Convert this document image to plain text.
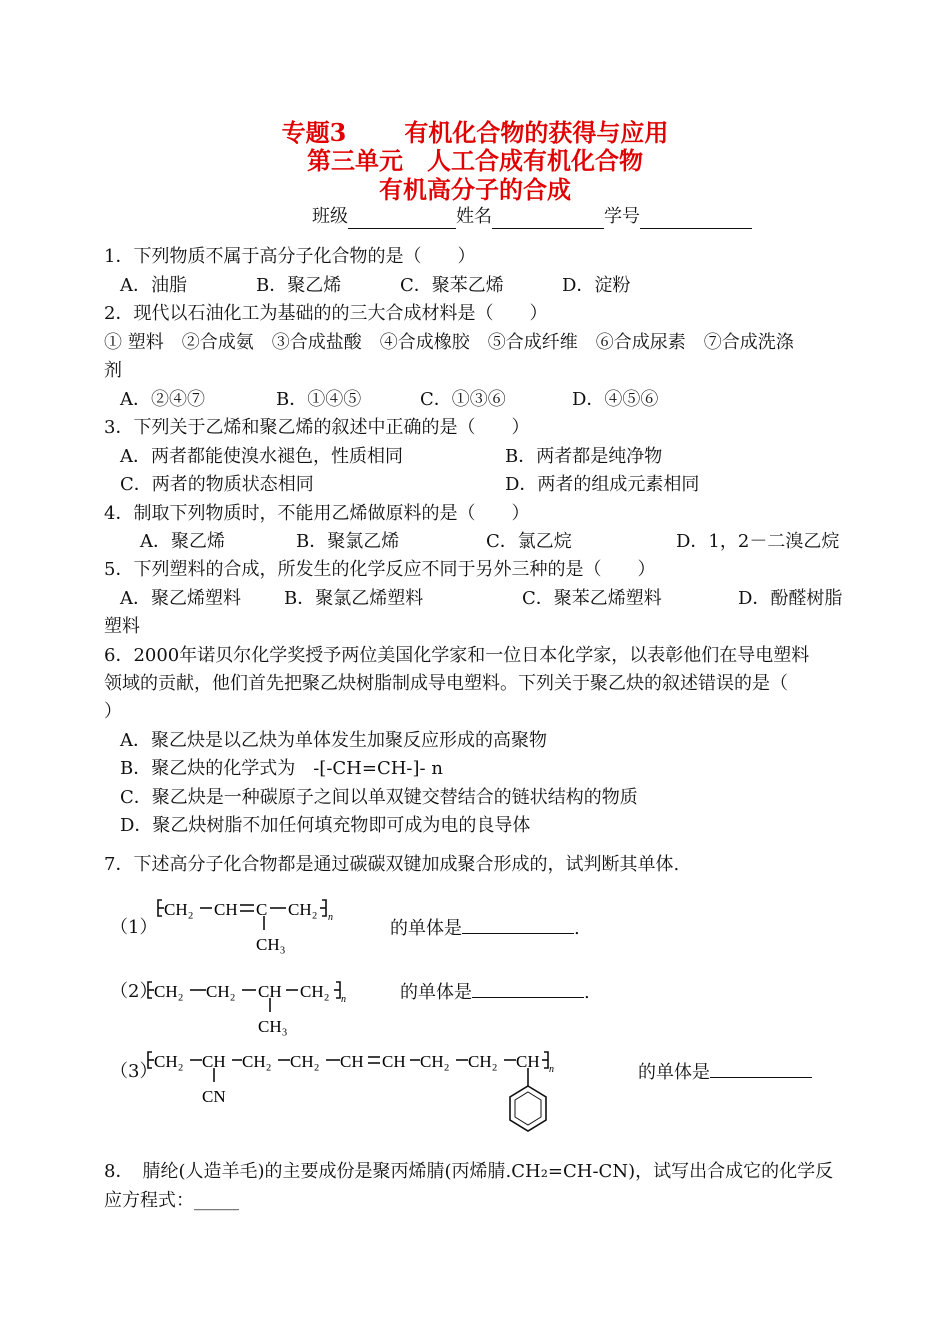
专题3 有机化合物的获得与应用
第三单元 人工合成有机化合物
有机高分子的合成
班级	姓名	学号
1．下列物质不属于高分子化合物的是（　　）
A．油脂	B．聚乙烯	C．聚苯乙烯	D．淀粉
2．现代以石油化工为基础的的三大合成材料是（　　）
① 塑料　②合成氨　③合成盐酸　④合成橡胶　⑤合成纤维　⑥合成尿素　⑦合成洗涤
剂
A．②④⑦	B．①④⑤	C．①③⑥	D．④⑤⑥
3．下列关于乙烯和聚乙烯的叙述中正确的是（　　）
A．两者都能使溴水褪色，性质相同	B．两者都是纯净物
C．两者的物质状态相同	D．两者的组成元素相同
4．制取下列物质时，不能用乙烯做原料的是（　　）
A．聚乙烯	B．聚氯乙烯	C．氯乙烷	D．1，2－二溴乙烷
5．下列塑料的合成，所发生的化学反应不同于另外三种的是（　　）
A．聚乙烯塑料 B．聚氯乙烯塑料	C．聚苯乙烯塑料	D．酚醛树脂
塑料
6．2000年诺贝尔化学奖授予两位美国化学家和一位日本化学家，以表彰他们在导电塑料
领域的贡献，他们首先把聚乙炔树脂制成导电塑料。下列关于聚乙炔的叙述错误的是（
）
A．聚乙炔是以乙炔为单体发生加聚反应形成的高聚物
B．聚乙炔的化学式为　-[-CH=CH-]- n
C．聚乙炔是一种碳原子之间以单双键交替结合的链状结构的物质
D．聚乙炔树脂不加任何填充物即可成为电的良导体
7．下述高分子化合物都是通过碳碳双键加成聚合形成的，试判断其单体.
（1）
CH₂ CH C CH₂ n
CH₃
的单体是	.
（2）
CH₂ CH₂ CH CH₂ n
CH₃
的单体是	.
（3）
CH₂ CH CH₂ CH₂ CH CH CH₂ CH₂ CH n
CN
的单体是
8．　腈纶(人造羊毛)的主要成份是聚丙烯腈(丙烯腈.CH₂=CH-CN)，试写出合成它的化学反
应方程式：_____
